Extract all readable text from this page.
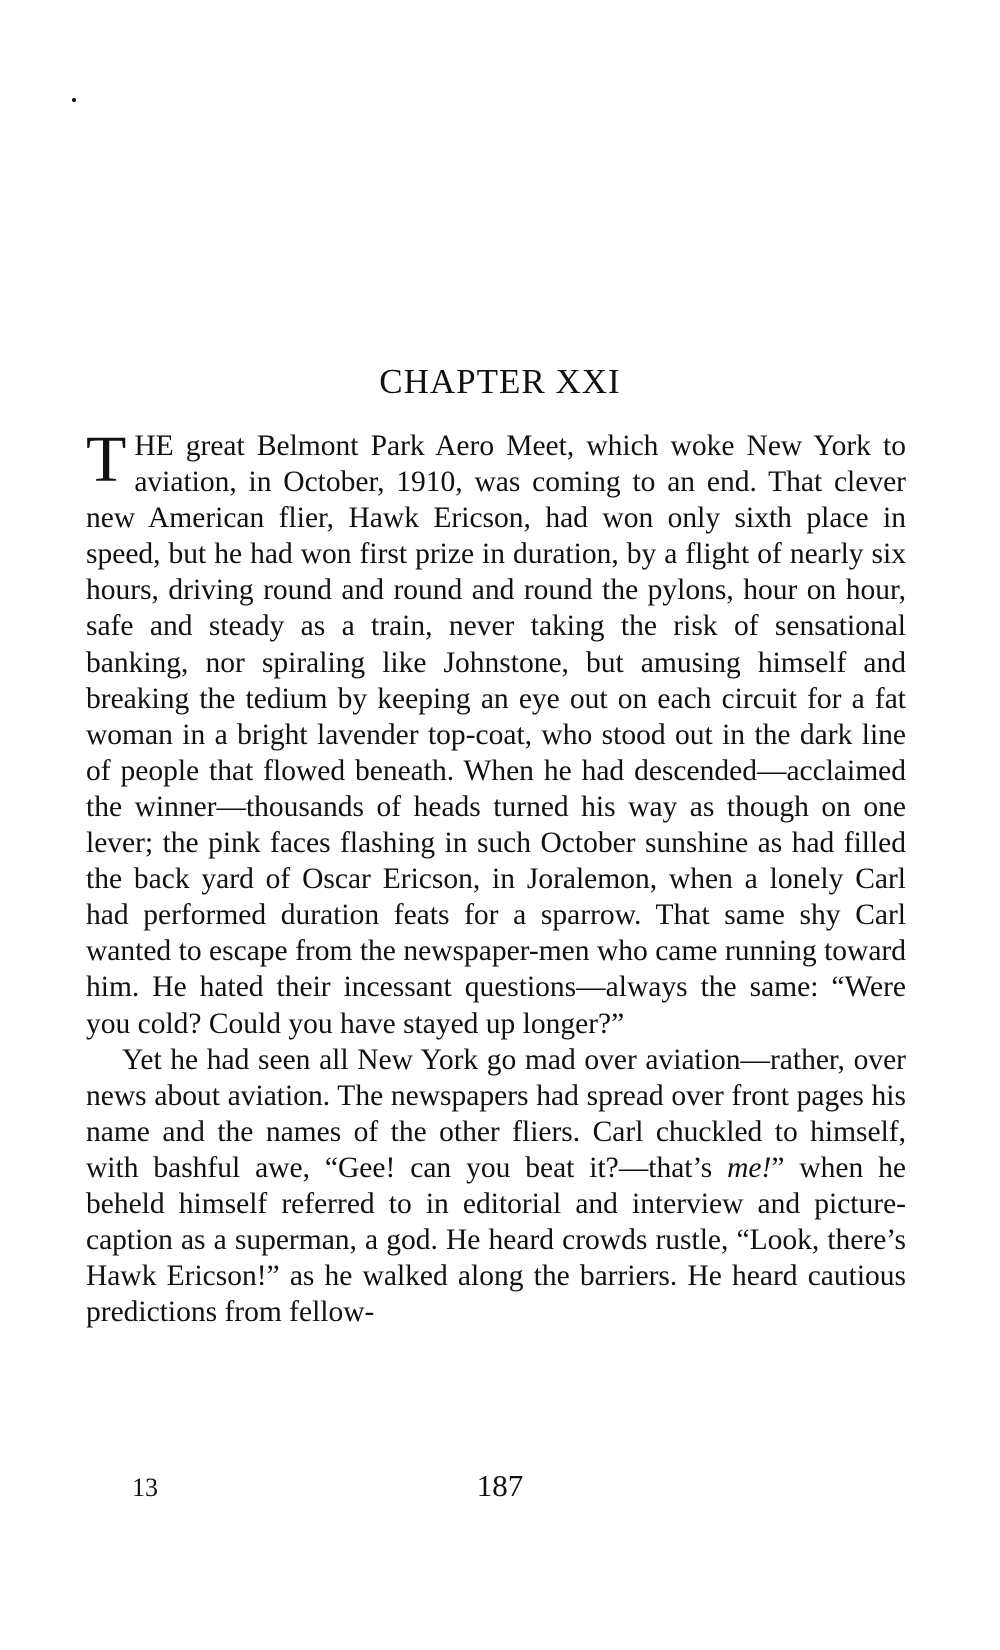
CHAPTER XXI

THE great Belmont Park Aero Meet, which woke New York to aviation, in October, 1910, was coming to an end. That clever new American flier, Hawk Ericson, had won only sixth place in speed, but he had won first prize in duration, by a flight of nearly six hours, driving round and round and round the pylons, hour on hour, safe and steady as a train, never taking the risk of sensational banking, nor spiraling like Johnstone, but amusing himself and breaking the tedium by keeping an eye out on each circuit for a fat woman in a bright lavender top-coat, who stood out in the dark line of people that flowed beneath. When he had descended—acclaimed the winner—thousands of heads turned his way as though on one lever; the pink faces flashing in such October sunshine as had filled the back yard of Oscar Ericson, in Joralemon, when a lonely Carl had performed duration feats for a sparrow. That same shy Carl wanted to escape from the newspaper-men who came running toward him. He hated their incessant questions—always the same: “Were you cold? Could you have stayed up longer?”

Yet he had seen all New York go mad over aviation—rather, over news about aviation. The newspapers had spread over front pages his name and the names of the other fliers. Carl chuckled to himself, with bashful awe, “Gee! can you beat it?—that’s me!” when he beheld himself referred to in editorial and interview and picture-caption as a superman, a god. He heard crowds rustle, “Look, there’s Hawk Ericson!” as he walked along the barriers. He heard cautious predictions from fellow-

13	187
